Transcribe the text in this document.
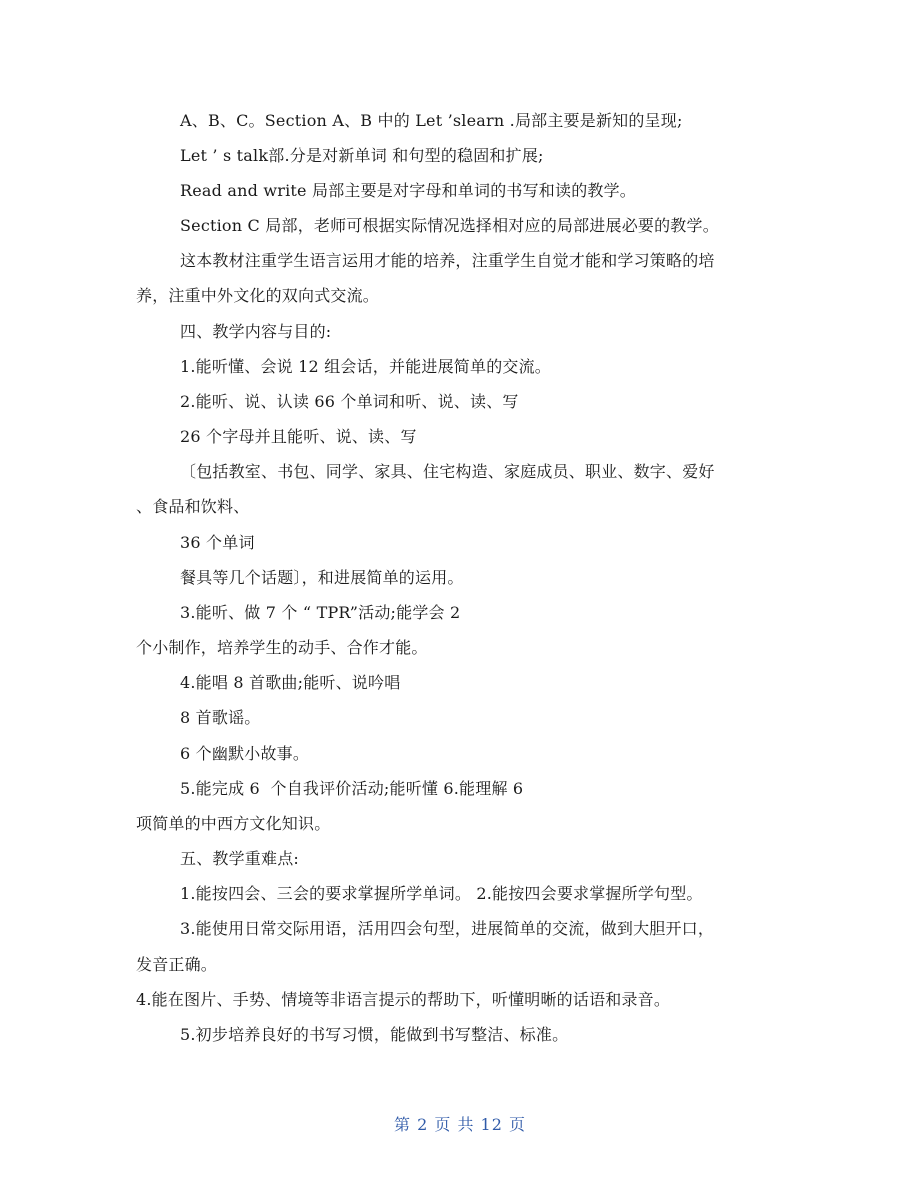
A、B、C。Section A、B 中的 Let ’slearn .局部主要是新知的呈现;
Let ’ s talk部.分是对新单词 和句型的稳固和扩展;
Read and write 局部主要是对字母和单词的书写和读的教学。
Section C 局部，老师可根据实际情况选择相对应的局部进展必要的教学。
这本教材注重学生语言运用才能的培养，注重学生自觉才能和学习策略的培
养，注重中外文化的双向式交流。
四、教学内容与目的:
1.能听懂、会说 12 组会话，并能进展简单的交流。
2.能听、说、认读 66 个单词和听、说、读、写
26 个字母并且能听、说、读、写
〔包括教室、书包、同学、家具、住宅构造、家庭成员、职业、数字、爱好
、食品和饮料、
36 个单词
餐具等几个话题〕，和进展简单的运用。
3.能听、做 7 个 “ TPR”活动;能学会 2
个小制作，培养学生的动手、合作才能。
4.能唱 8 首歌曲;能听、说吟唱
8 首歌谣。
6 个幽默小故事。
5.能完成 6  个自我评价活动;能听懂 6.能理解 6
项简单的中西方文化知识。
五、教学重难点:
1.能按四会、三会的要求掌握所学单词。 2.能按四会要求掌握所学句型。
3.能使用日常交际用语，活用四会句型，进展简单的交流，做到大胆开口，
发音正确。
4.能在图片、手势、情境等非语言提示的帮助下，听懂明晰的话语和录音。
5.初步培养良好的书写习惯，能做到书写整洁、标准。
第 2 页 共 12 页
